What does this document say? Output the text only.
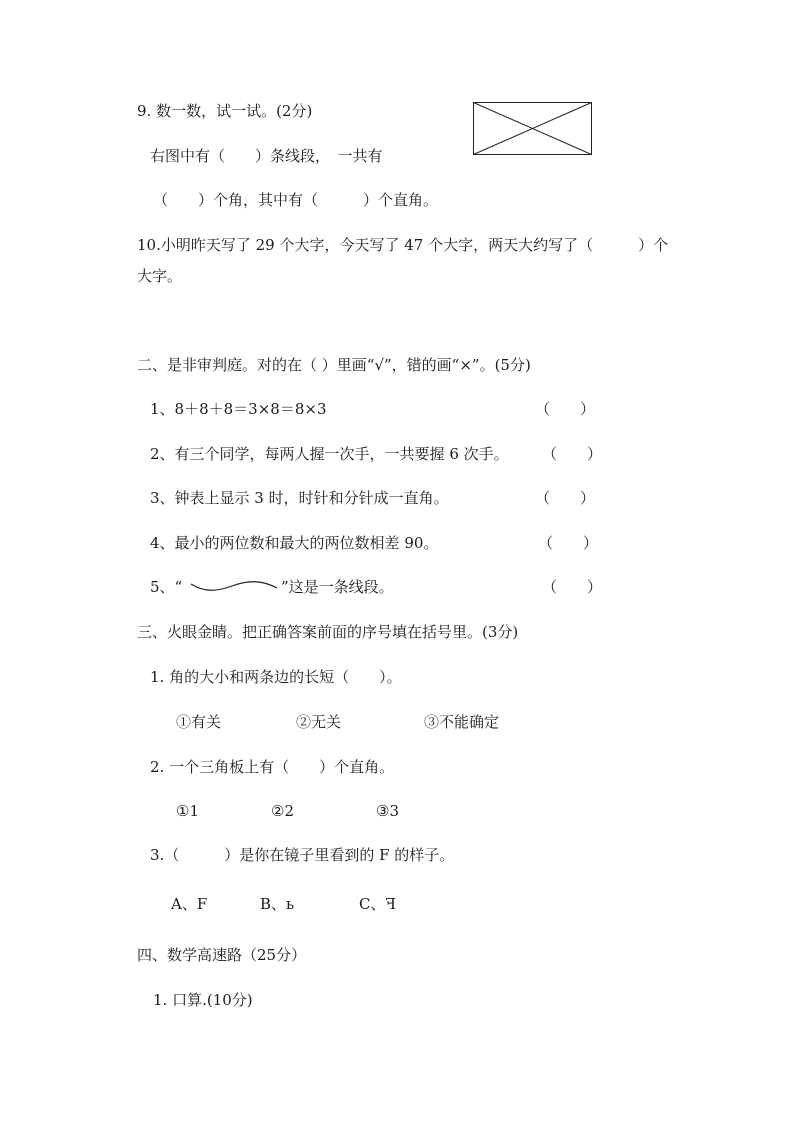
9. 数一数，试一试。(2分)
右图中有（　　）条线段，　一共有
（　　）个角，其中有（　　　）个直角。
10.小明昨天写了 29 个大字，今天写了 47 个大字，两天大约写了（　　　）个
大字。
二、是非审判庭。对的在（ ）里画“√”，错的画“×”。(5分)
1、8＋8＋8＝3×8＝8×3	（　　）
2、有三个同学，每两人握一次手，一共要握 6 次手。 （　　）
3、钟表上显示 3 时，时针和分针成一直角。	（　　）
4、最小的两位数和最大的两位数相差 90。	（　　）
5、“	”这是一条线段。	（　　）
三、火眼金睛。把正确答案前面的序号填在括号里。(3分)
1. 角的大小和两条边的长短（　　）。
①有关	②无关	③不能确定
2. 一个三角板上有（　　）个直角。
①1	②2	③3
3.（　　　）是你在镜子里看到的 F 的样子。
A、F	B、ь	C、ꟻ
四、数学高速路（25分）
1. 口算.(10分)
